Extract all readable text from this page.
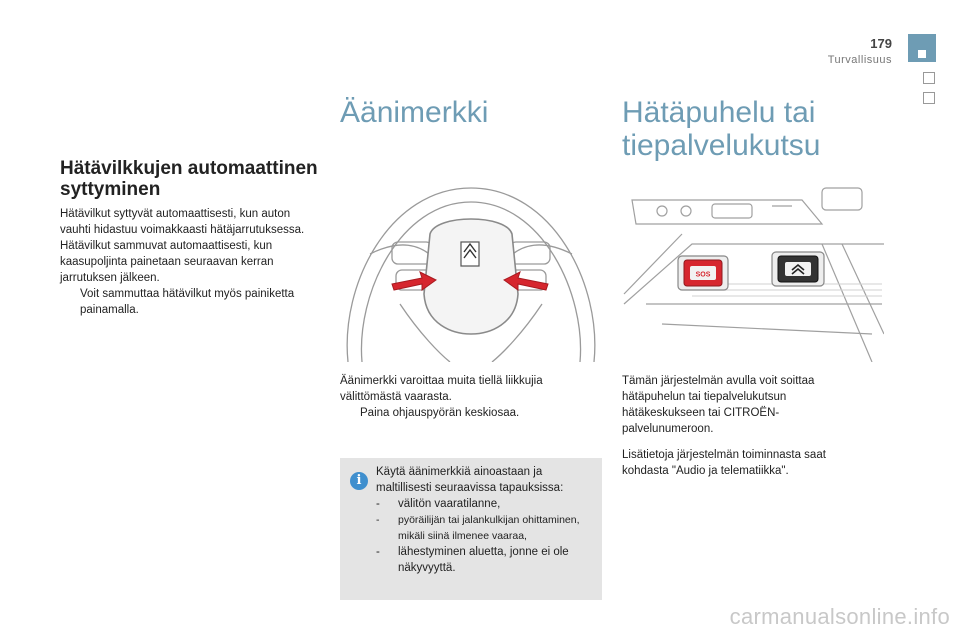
179
Turvallisuus
Hätävilkkujen automaattinen syttyminen

Hätävilkut syttyvät automaattisesti, kun auton vauhti hidastuu voimakkaasti hätäjarrutuksessa.

Hätävilkut sammuvat automaattisesti, kun kaasupoljinta painetaan seuraavan kerran jarrutuksen jälkeen.

Voit sammuttaa hätävilkut myös painiketta painamalla.
Äänimerkki

Äänimerkki varoittaa muita tiellä liikkujia välittömästä vaarasta.

Paina ohjauspyörän keskiosaa.
i

Käytä äänimerkkiä ainoastaan ja maltillisesti seuraavissa tapauksissa:

-	välitön vaaratilanne,
-	pyöräilijän tai jalankulkijan ohittaminen, mikäli siinä ilmenee vaaraa,
-	lähestyminen aluetta, jonne ei ole näkyvyyttä.
Hätäpuhelu tai
tiepalvelukutsu
SOS

Tämän järjestelmän avulla voit soittaa hätäpuhelun tai tiepalvelukutsun hätäkeskukseen tai CITROËN-palvelunumeroon.

Lisätietoja järjestelmän toiminnasta saat kohdasta "Audio ja telematiikka".

carmanualsonline.info
